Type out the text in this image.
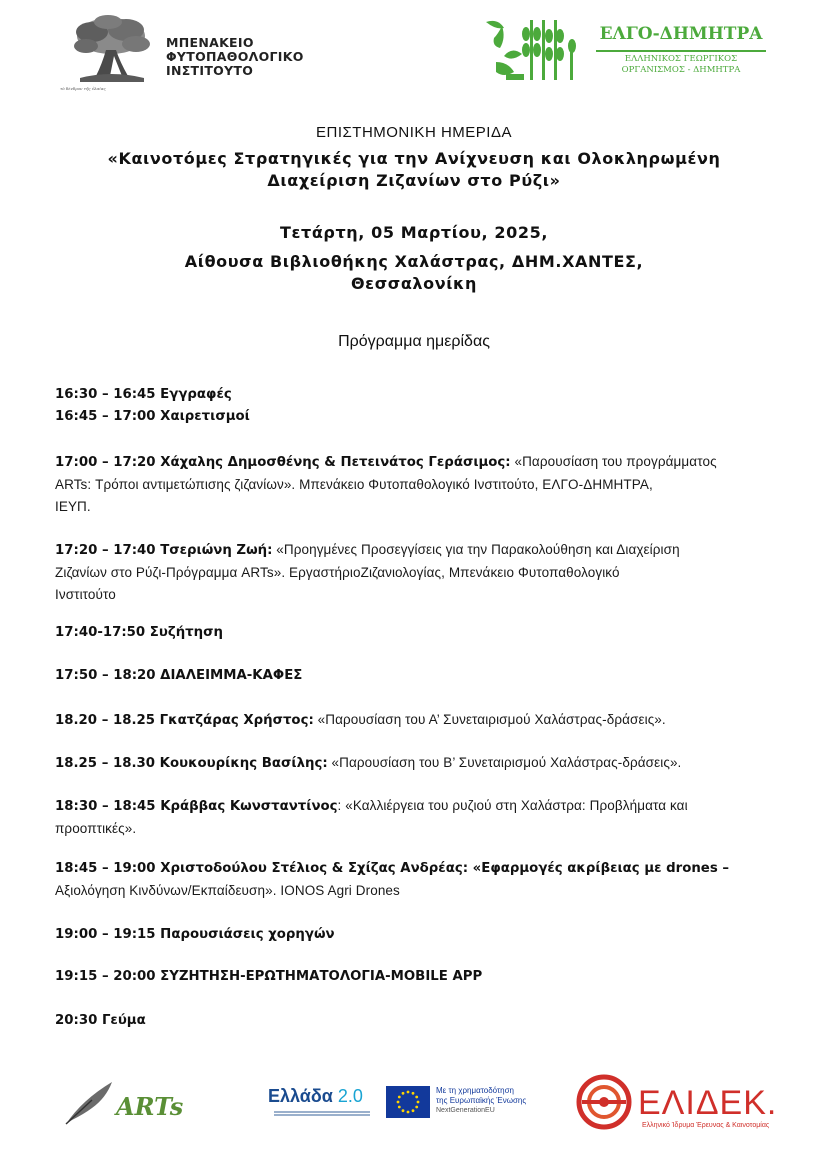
τὸ δένδρον τῆς ἐλαίας
ΜΠΕΝΑΚΕΙΟ
ΦΥΤΟΠΑΘΟΛΟΓΙΚΟ
ΙΝΣΤΙΤΟΥΤΟ
ΕΛΓΟ-ΔΗΜΗΤΡΑ
ΕΛΛΗΝΙΚΟΣ ΓΕΩΡΓΙΚΟΣ
ΟΡΓΑΝΙΣΜΟΣ - ΔΗΜΗΤΡΑ
ΕΠΙΣΤΗΜΟΝΙΚΗ ΗΜΕΡΙΔΑ
«Καινοτόμες Στρατηγικές για την Ανίχνευση και Ολοκληρωμένη
Διαχείριση Ζιζανίων στο Ρύζι»
Τετάρτη, 05 Μαρτίου, 2025,
Αίθουσα Βιβλιοθήκης Χαλάστρας, ΔΗΜ.ΧΑΝΤΕΣ,
Θεσσαλονίκη
Πρόγραμμα ημερίδας
16:30 – 16:45 Εγγραφές
16:45 – 17:00 Χαιρετισμοί
17:00 – 17:20 Χάχαλης Δημοσθένης & Πετεινάτος Γεράσιμος: «Παρουσίαση του προγράμματος
ARTs: Τρόποι αντιμετώπισης ζιζανίων». Μπενάκειο Φυτοπαθολογικό Ινστιτούτο, ΕΛΓΟ-ΔΗΜΗΤΡΑ,
ΙΕΥΠ.
17:20 – 17:40 Τσεριώνη Ζωή: «Προηγμένες Προσεγγίσεις για την Παρακολούθηση και Διαχείριση
Ζιζανίων στο Ρύζι-Πρόγραμμα ARTs». ΕργαστήριοΖιζανιολογίας, Μπενάκειο Φυτοπαθολογικό
Ινστιτούτο
17:40-17:50 Συζήτηση
17:50 – 18:20 ΔΙΑΛΕΙΜΜΑ-ΚΑΦΕΣ
18.20 – 18.25 Γκατζάρας Χρήστος: «Παρουσίαση του Α’ Συνεταιρισμού Χαλάστρας-δράσεις».
18.25 – 18.30 Κουκουρίκης Βασίλης: «Παρουσίαση του Β’ Συνεταιρισμού Χαλάστρας-δράσεις».
18:30 – 18:45 Κράββας Κωνσταντίνος: «Καλλιέργεια του ρυζιού στη Χαλάστρα: Προβλήματα και
προοπτικές».
18:45 – 19:00 Χριστοδούλου Στέλιος & Σχίζας Ανδρέας: «Εφαρμογές ακρίβειας με drones –
Αξιολόγηση Κινδύνων/Εκπαίδευση». IONOS Agri Drones
19:00 – 19:15 Παρουσιάσεις χορηγών
19:15 – 20:00 ΣΥΖΗΤΗΣΗ-ΕΡΩΤΗΜΑΤΟΛΟΓΙΑ-MOBILE APP
20:30 Γεύμα
ARTs	Ελλάδα 2.0	Με τη χρηματοδότηση
της Ευρωπαϊκής Ένωσης
NextGenerationEU	ΕΛΙΔΕΚ.
Ελληνικό Ίδρυμα Έρευνας & Καινοτομίας
